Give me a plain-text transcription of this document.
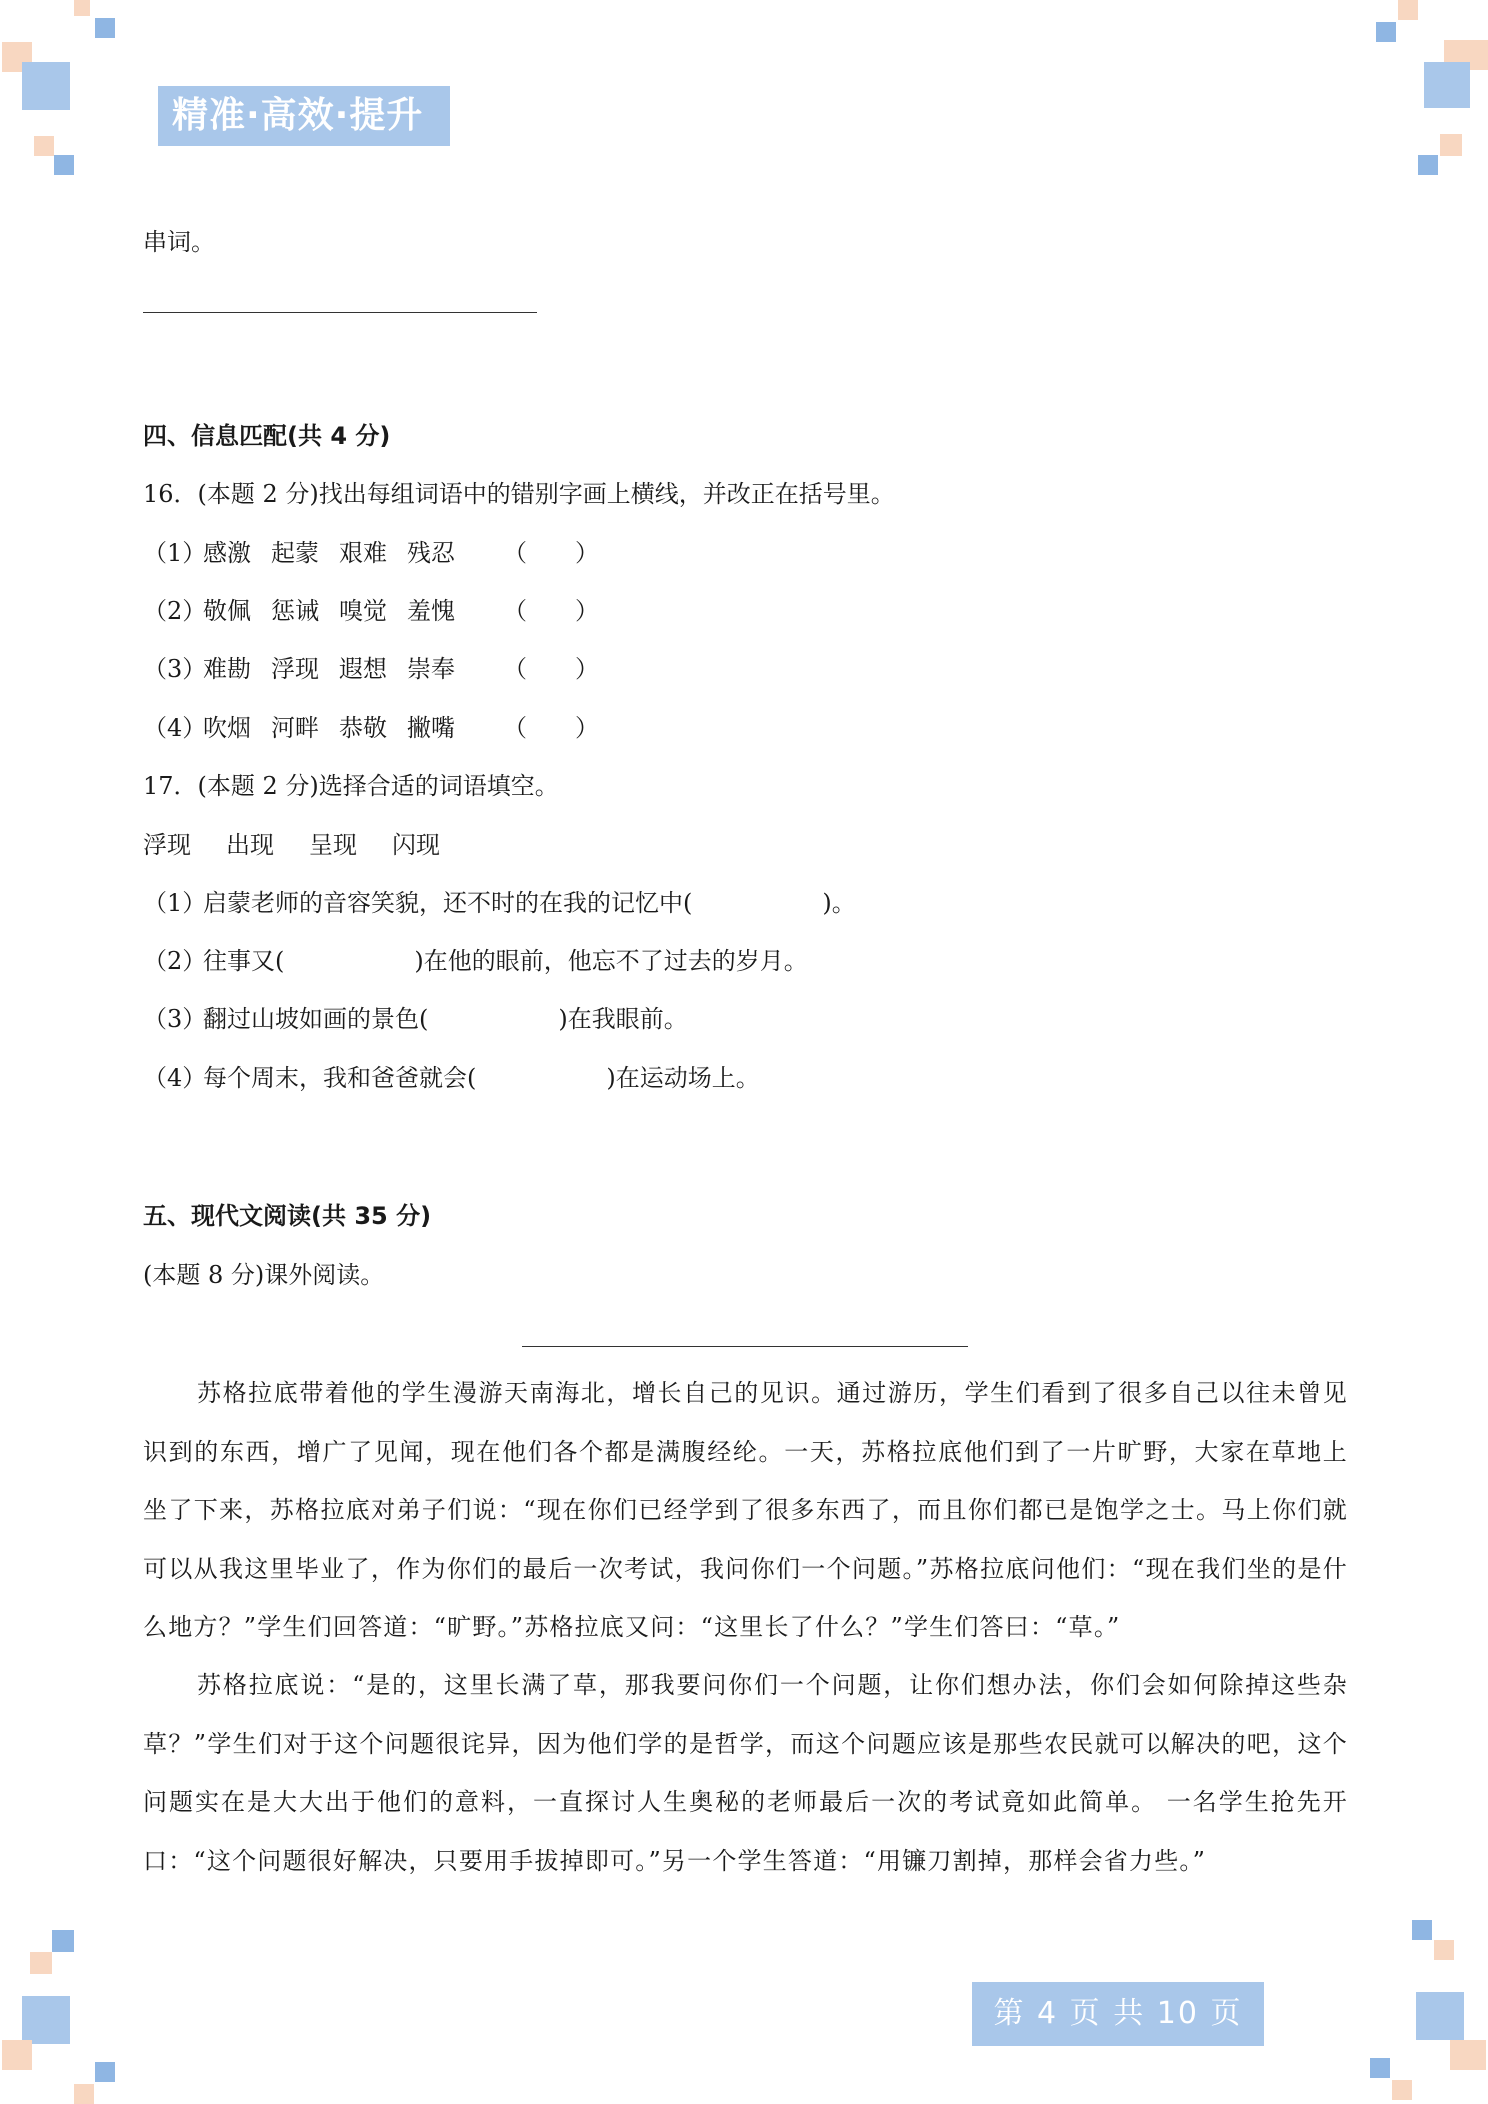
精准·高效·提升
串词。
四、信息匹配(共 4 分)
16．(本题 2 分)找出每组词语中的错别字画上横线，并改正在括号里。
（1）感激 起蒙 艰难 残忍 （　　）
（2）敬佩 惩诫 嗅觉 羞愧 （　　）
（3）难勘 浮现 遐想 崇奉 （　　）
（4）吹烟 河畔 恭敬 撇嘴 （　　）
17．(本题 2 分)选择合适的词语填空。
浮现 出现 呈现 闪现
（1）启蒙老师的音容笑貌，还不时的在我的记忆中(	)。
（2）往事又(	)在他的眼前，他忘不了过去的岁月。
（3）翻过山坡如画的景色(	)在我眼前。
（4）每个周末，我和爸爸就会(	)在运动场上。
五、现代文阅读(共 35 分)
(本题 8 分)课外阅读。
苏格拉底带着他的学生漫游天南海北，增长自己的见识。通过游历，学生们看到了很多自己以往未曾见识到的东西，增广了见闻，现在他们各个都是满腹经纶。一天，苏格拉底他们到了一片旷野，大家在草地上坐了下来，苏格拉底对弟子们说：“现在你们已经学到了很多东西了，而且你们都已是饱学之士。马上你们就可以从我这里毕业了，作为你们的最后一次考试，我问你们一个问题。”苏格拉底问他们：“现在我们坐的是什么地方？”学生们回答道：“旷野。”苏格拉底又问：“这里长了什么？”学生们答曰：“草。”
苏格拉底说：“是的，这里长满了草，那我要问你们一个问题，让你们想办法，你们会如何除掉这些杂草？”学生们对于这个问题很诧异，因为他们学的是哲学，而这个问题应该是那些农民就可以解决的吧，这个问题实在是大大出于他们的意料，一直探讨人生奥秘的老师最后一次的考试竟如此简单。 一名学生抢先开口：“这个问题很好解决，只要用手拔掉即可。”另一个学生答道：“用镰刀割掉，那样会省力些。”
第 4 页 共 10 页
